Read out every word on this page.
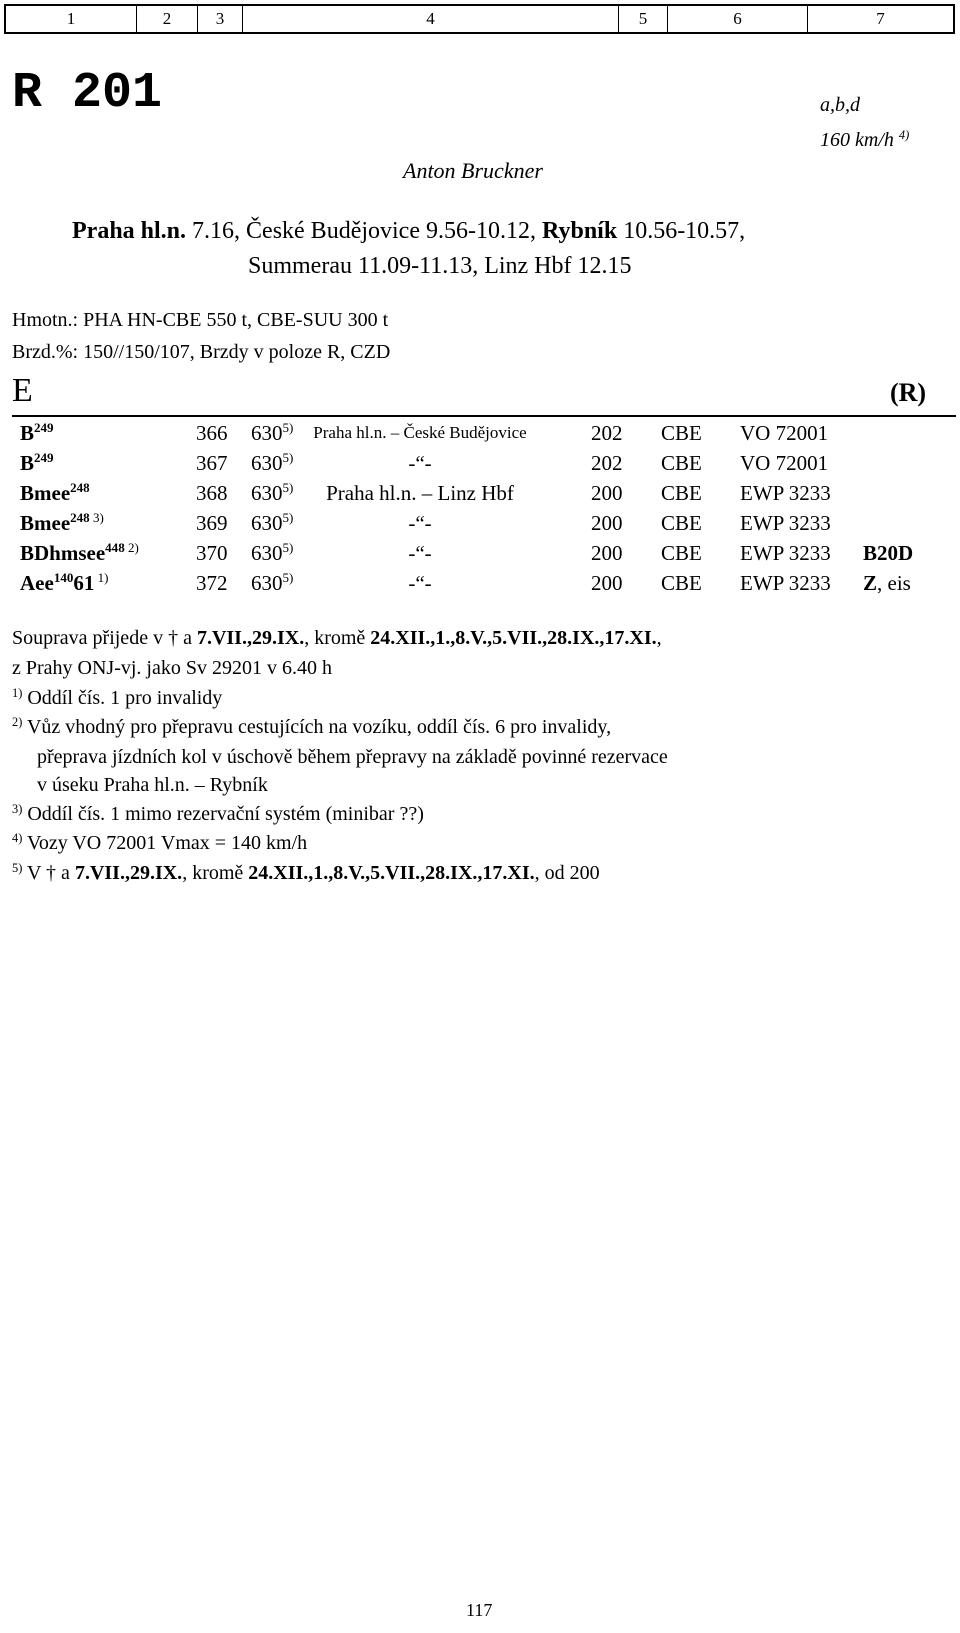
1	2	3	4	5	6	7
R 201	a,b,d
160 km/h $^{4)}$
Anton Bruckner
Praha hl.n. 7.16, České Budějovice 9.56-10.12, Rybník 10.56-10.57,
Summerau 11.09-11.13, Linz Hbf 12.15
Hmotn.: PHA HN-CBE 550 t, CBE-SUU 300 t
Brzd.%: 150//150/107, Brzdy v poloze R, CZD
E	(R)
$B^{249}$	366 630$^{5)}$	Praha hl.n. – České Budějovice	202 CBE VO 72001
$B^{249}$	367 630$^{5)}$	-“-	202 CBE VO 72001
Bmee$^{248}$	368 630$^{5)}$	Praha hl.n. – Linz Hbf	200 CBE EWP 3233
Bmee$^{248 3)}$	369 630$^{5)}$	-“-	200 CBE EWP 3233
BDhmsee$^{448 2)}$	370 630$^{5)}$	-“-	200 CBE EWP 3233 B20D
Aee$^{140}$61 $^{1)}$	372 630$^{5)}$	-“-	200 CBE EWP 3233 Z, eis
Souprava přijede v † a 7.VII.,29.IX., kromě 24.XII.,1.,8.V.,5.VII.,28.IX.,17.XI.,
z Prahy ONJ-vj. jako Sv 29201 v 6.40 h
$^{1)}$ Oddíl čís. 1 pro invalidy
$^{2)}$ Vůz vhodný pro přepravu cestujících na vozíku, oddíl čís. 6 pro invalidy,
přeprava jízdních kol v úschově během přepravy na základě povinné rezervace
v úseku Praha hl.n. – Rybník
$^{3)}$ Oddíl čís. 1 mimo rezervační systém (minibar ??)
$^{4)}$ Vozy VO 72001 Vmax = 140 km/h
$^{5)}$ V † a 7.VII.,29.IX., kromě 24.XII.,1.,8.V.,5.VII.,28.IX.,17.XI., od 200
117
